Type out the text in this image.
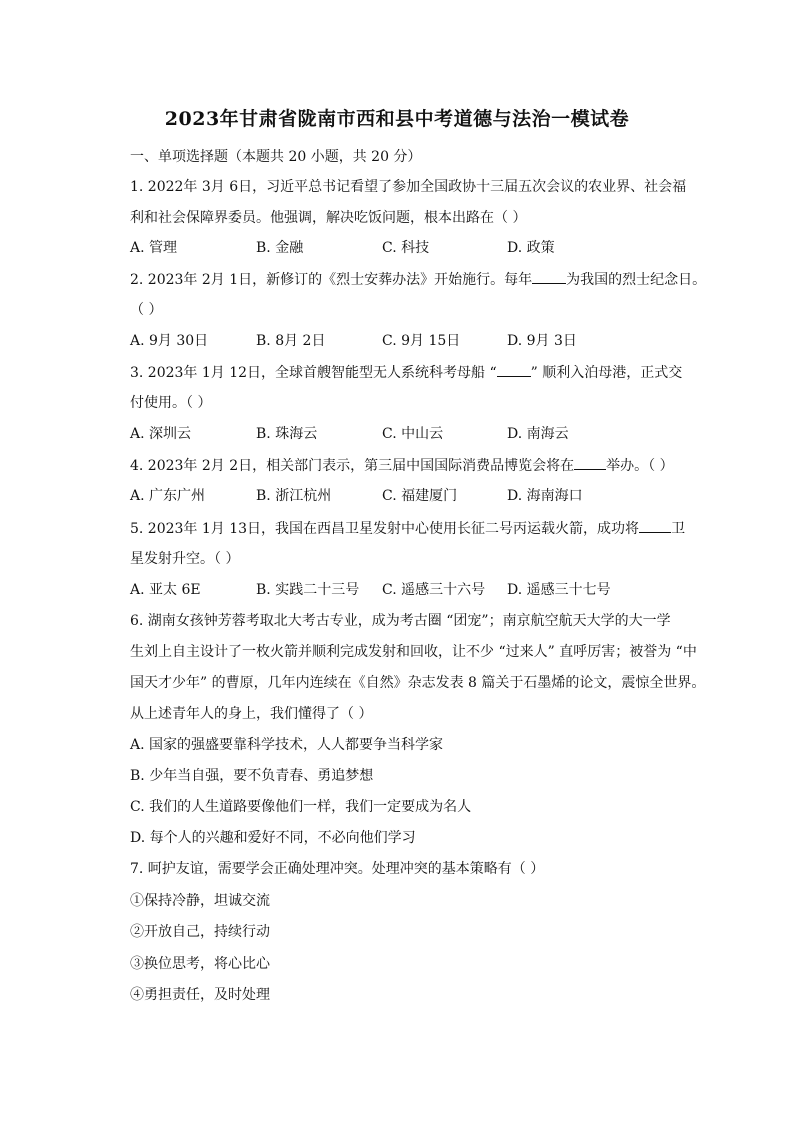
2023年甘肃省陇南市西和县中考道德与法治一模试卷
一、单项选择题（本题共 20 小题，共 20 分）
1. 2022年 3月 6日，习近平总书记看望了参加全国政协十三届五次会议的农业界、社会福
利和社会保障界委员。他强调，解决吃饭问题，根本出路在（ ）
A. 管理	B. 金融	C. 科技	D. 政策
2. 2023年 2月 1日，新修订的《烈士安葬办法》开始施行。每年 为我国的烈士纪念日。
（ ）
A. 9月 30日	B. 8月 2日	C. 9月 15日	D. 9月 3日
3. 2023年 1月 12日，全球首艘智能型无人系统科考母船 “ ” 顺利入泊母港，正式交
付使用。（ ）
A. 深圳云	B. 珠海云	C. 中山云	D. 南海云
4. 2023年 2月 2日，相关部门表示，第三届中国国际消费品博览会将在 举办。（ ）
A. 广东广州	B. 浙江杭州	C. 福建厦门	D. 海南海口
5. 2023年 1月 13日，我国在西昌卫星发射中心使用长征二号丙运载火箭，成功将 卫
星发射升空。（ ）
A. 亚太 6E	B. 实践二十三号 C. 遥感三十六号 D. 遥感三十七号
6. 湖南女孩钟芳蓉考取北大考古专业，成为考古圈 “团宠”；南京航空航天大学的大一学
生刘上自主设计了一枚火箭并顺利完成发射和回收，让不少 “过来人” 直呼厉害；被誉为 “中
国天才少年” 的曹原，几年内连续在《自然》杂志发表 8 篇关于石墨烯的论文，震惊全世界。
从上述青年人的身上，我们懂得了（ ）
A. 国家的强盛要靠科学技术，人人都要争当科学家
B. 少年当自强，要不负青春、勇追梦想
C. 我们的人生道路要像他们一样，我们一定要成为名人
D. 每个人的兴趣和爱好不同，不必向他们学习
7. 呵护友谊，需要学会正确处理冲突。处理冲突的基本策略有（ ）
①保持冷静，坦诚交流
②开放自己，持续行动
③换位思考，将心比心
④勇担责任，及时处理
